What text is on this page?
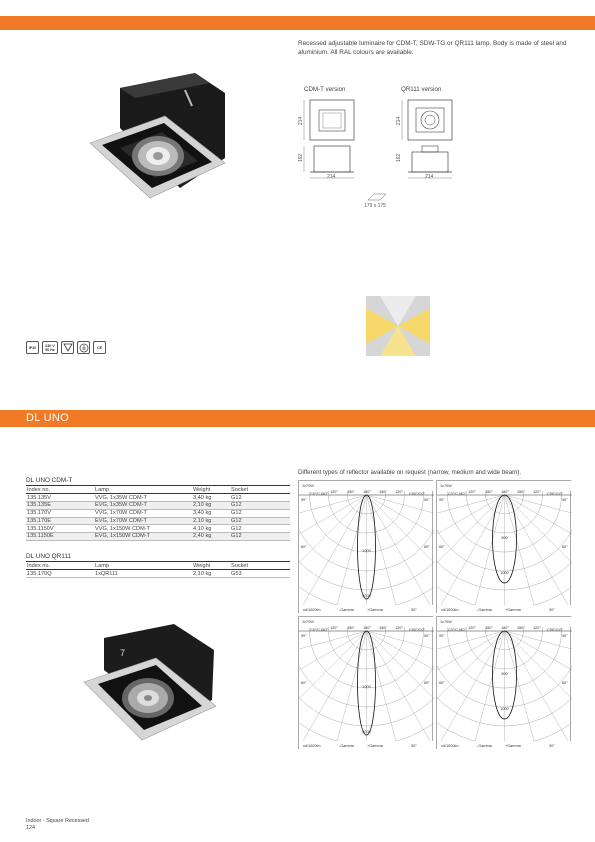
Recessed adjustable luminaire for CDM-T, SDW-TG or QR111 lamp. Body is made of steel and aluminium. All RAL colours are available.
CDM-T version	QR111 version
214
162
214
214
162
214
179 x 175
IP20	230 V 50 Hz	CE
DL UNO
DL UNO CDM-T
Index no.	Lamp	Weight	Socket
135.135V	VVG, 1x35W CDM-T	3,40 kg	G12
135.135E	EVG, 1x35W CDM-T	2,10 kg	G12
135.170V	VVG, 1x70W CDM-T	3,40 kg	G12
135.170E	EVG, 1x70W CDM-T	2,10 kg	G12
135.1150V	VVG, 1x150W CDM-T	4,10 kg	G12
135.1150E	EVG, 1x150W CDM-T	2,40 kg	G12
DL UNO QR111
Index no.	Lamp	Weight	Socket
135.170Q	1xQR111	2,10 kg	G53
7
Different types of reflector available on request (narrow, medium and wide beam).
1x70W
C0°/C180°	C90°/C0°
120° 150° 180° 150° 120°
90°	90°
60°	60°
1000
2000
cd/1000lm	-Gamma	+Gamma	30°
1x70W
C0°/C180°	C90°/C0°
120° 150° 180° 150° 120°
90°	90°
60°	60°
500
1000
cd/1000lm	-Gamma	+Gamma	30°
1x70W
C0°/C180°	C90°/C0°
120° 150° 180° 150° 120°
90°	90°
60°	60°
1000
2000
cd/1000lm	-Gamma	+Gamma	30°
1x70W
C0°/C180°	C90°/C0°
120° 150° 180° 150° 120°
90°	90°
60°	60°
500
1000
cd/1000lm	-Gamma	+Gamma	30°
Indoor - Square Recessed
124
